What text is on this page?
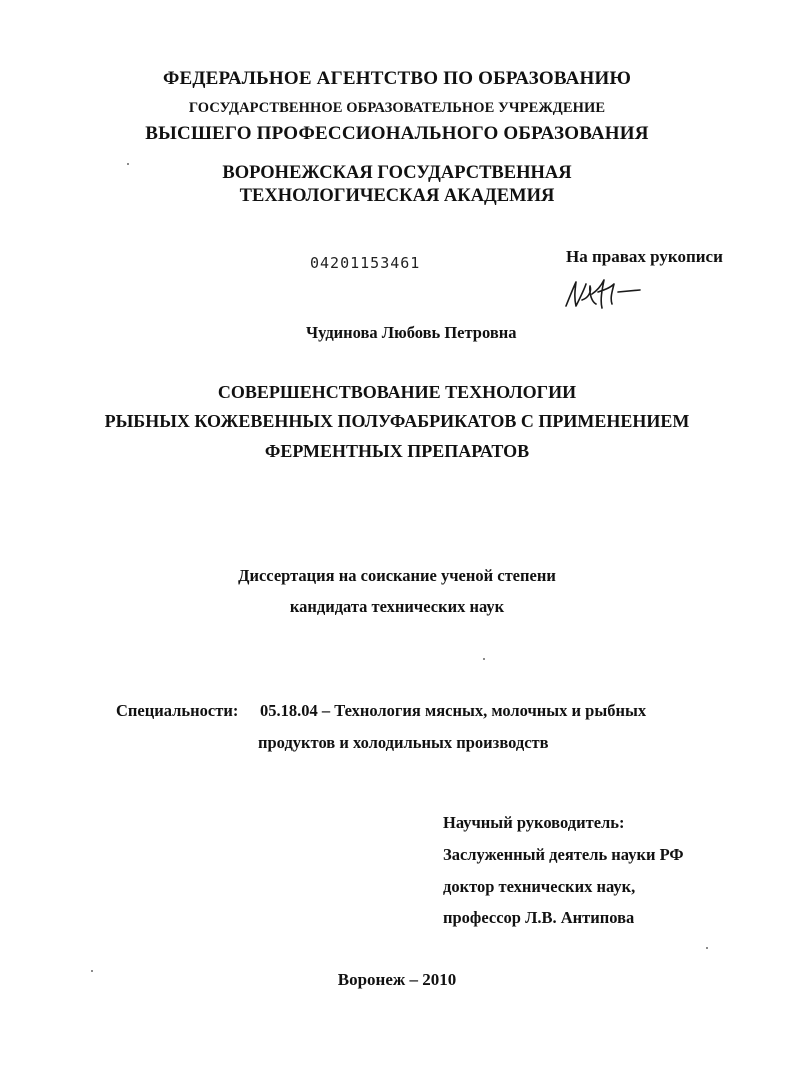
ФЕДЕРАЛЬНОЕ АГЕНТСТВО ПО ОБРАЗОВАНИЮ
ГОСУДАРСТВЕННОЕ ОБРАЗОВАТЕЛЬНОЕ УЧРЕЖДЕНИЕ
ВЫСШЕГО ПРОФЕССИОНАЛЬНОГО ОБРАЗОВАНИЯ
ВОРОНЕЖСКАЯ ГОСУДАРСТВЕННАЯ
ТЕХНОЛОГИЧЕСКАЯ АКАДЕМИЯ
04201153461	На правах рукописи
Чудинова Любовь Петровна
СОВЕРШЕНСТВОВАНИЕ ТЕХНОЛОГИИ
РЫБНЫХ КОЖЕВЕННЫХ ПОЛУФАБРИКАТОВ С ПРИМЕНЕНИЕМ
ФЕРМЕНТНЫХ ПРЕПАРАТОВ
Диссертация на соискание ученой степени
кандидата технических наук
Специальности: 05.18.04 – Технология мясных, молочных и рыбных
продуктов и холодильных производств
Научный руководитель:
Заслуженный деятель науки РФ
доктор технических наук,
профессор Л.В. Антипова
Воронеж – 2010
